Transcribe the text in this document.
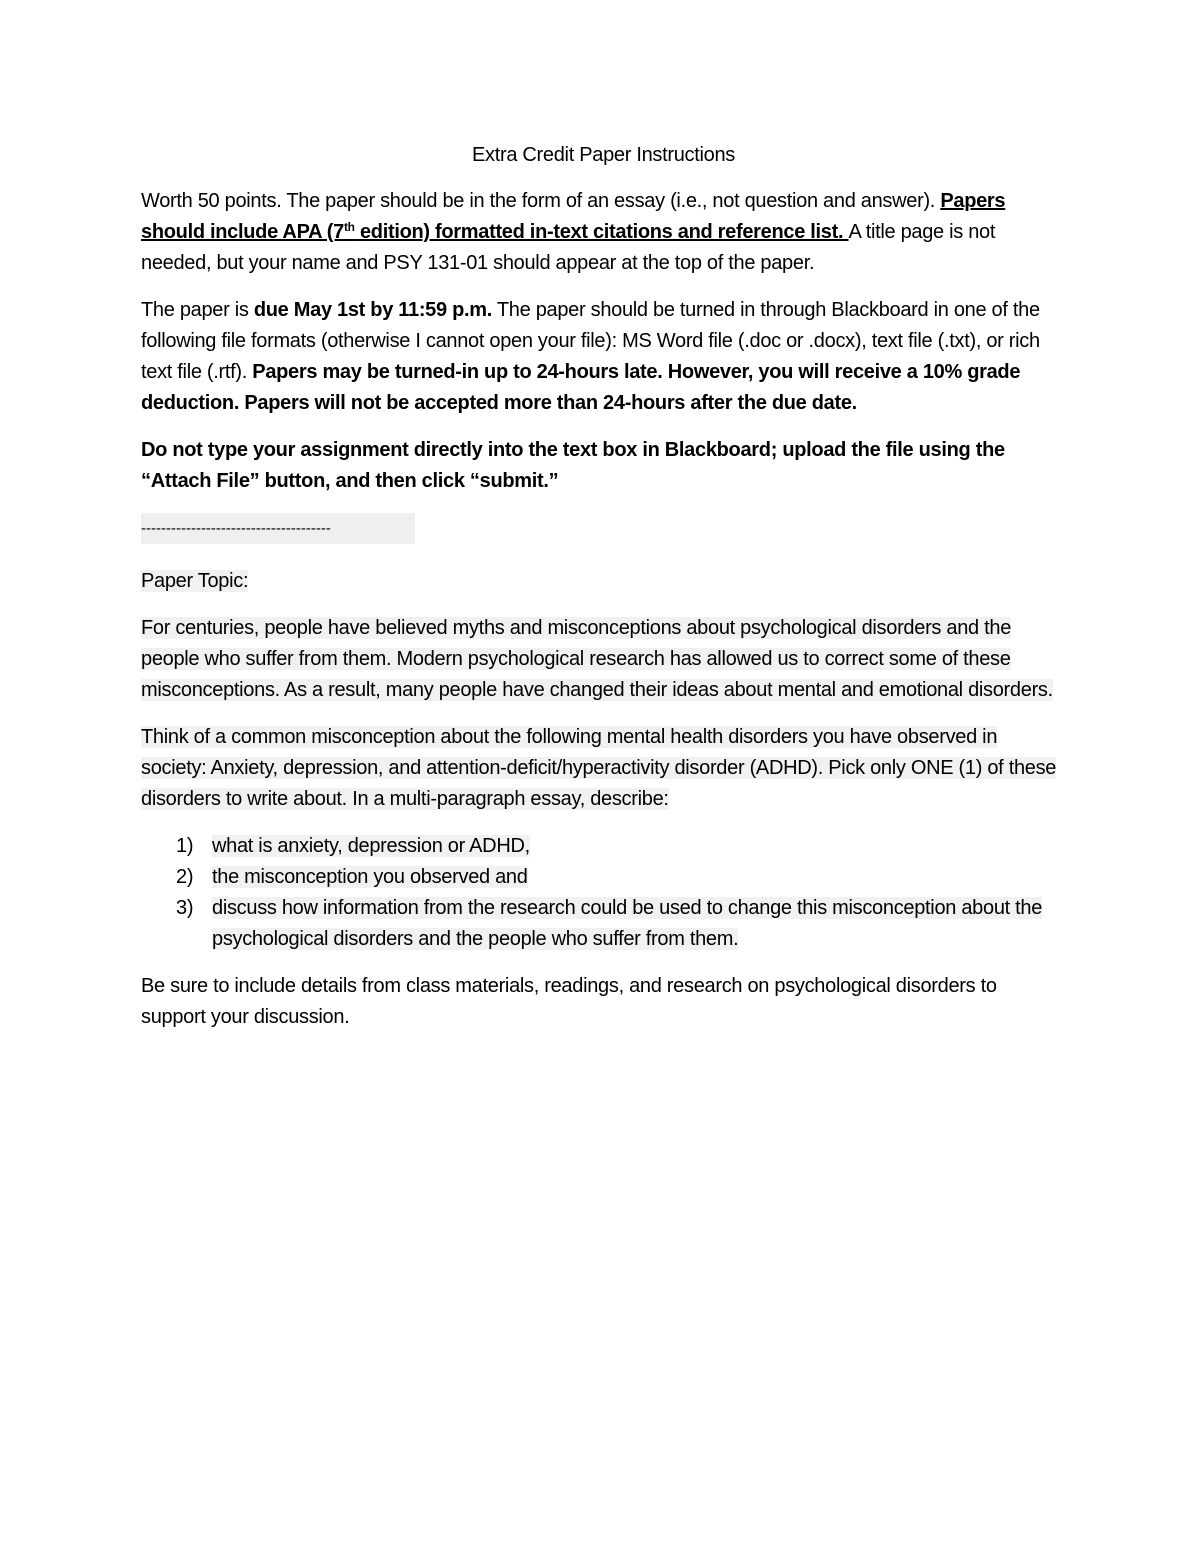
Extra Credit Paper Instructions

Worth 50 points. The paper should be in the form of an essay (i.e., not question and answer). Papers should include APA (7th edition) formatted in-text citations and reference list. A title page is not needed, but your name and PSY 131-01 should appear at the top of the paper.

The paper is due May 1st by 11:59 p.m. The paper should be turned in through Blackboard in one of the following file formats (otherwise I cannot open your file): MS Word file (.doc or .docx), text file (.txt), or rich text file (.rtf). Papers may be turned-in up to 24-hours late. However, you will receive a 10% grade deduction. Papers will not be accepted more than 24-hours after the due date.

Do not type your assignment directly into the text box in Blackboard; upload the file using the “Attach File” button, and then click “submit.”

--------------------------------------

Paper Topic:

For centuries, people have believed myths and misconceptions about psychological disorders and the people who suffer from them. Modern psychological research has allowed us to correct some of these misconceptions. As a result, many people have changed their ideas about mental and emotional disorders.

Think of a common misconception about the following mental health disorders you have observed in society: Anxiety, depression, and attention-deficit/hyperactivity disorder (ADHD). Pick only ONE (1) of these disorders to write about. In a multi-paragraph essay, describe:

1) what is anxiety, depression or ADHD,
2) the misconception you observed and
3) discuss how information from the research could be used to change this misconception about the psychological disorders and the people who suffer from them.

Be sure to include details from class materials, readings, and research on psychological disorders to support your discussion.
